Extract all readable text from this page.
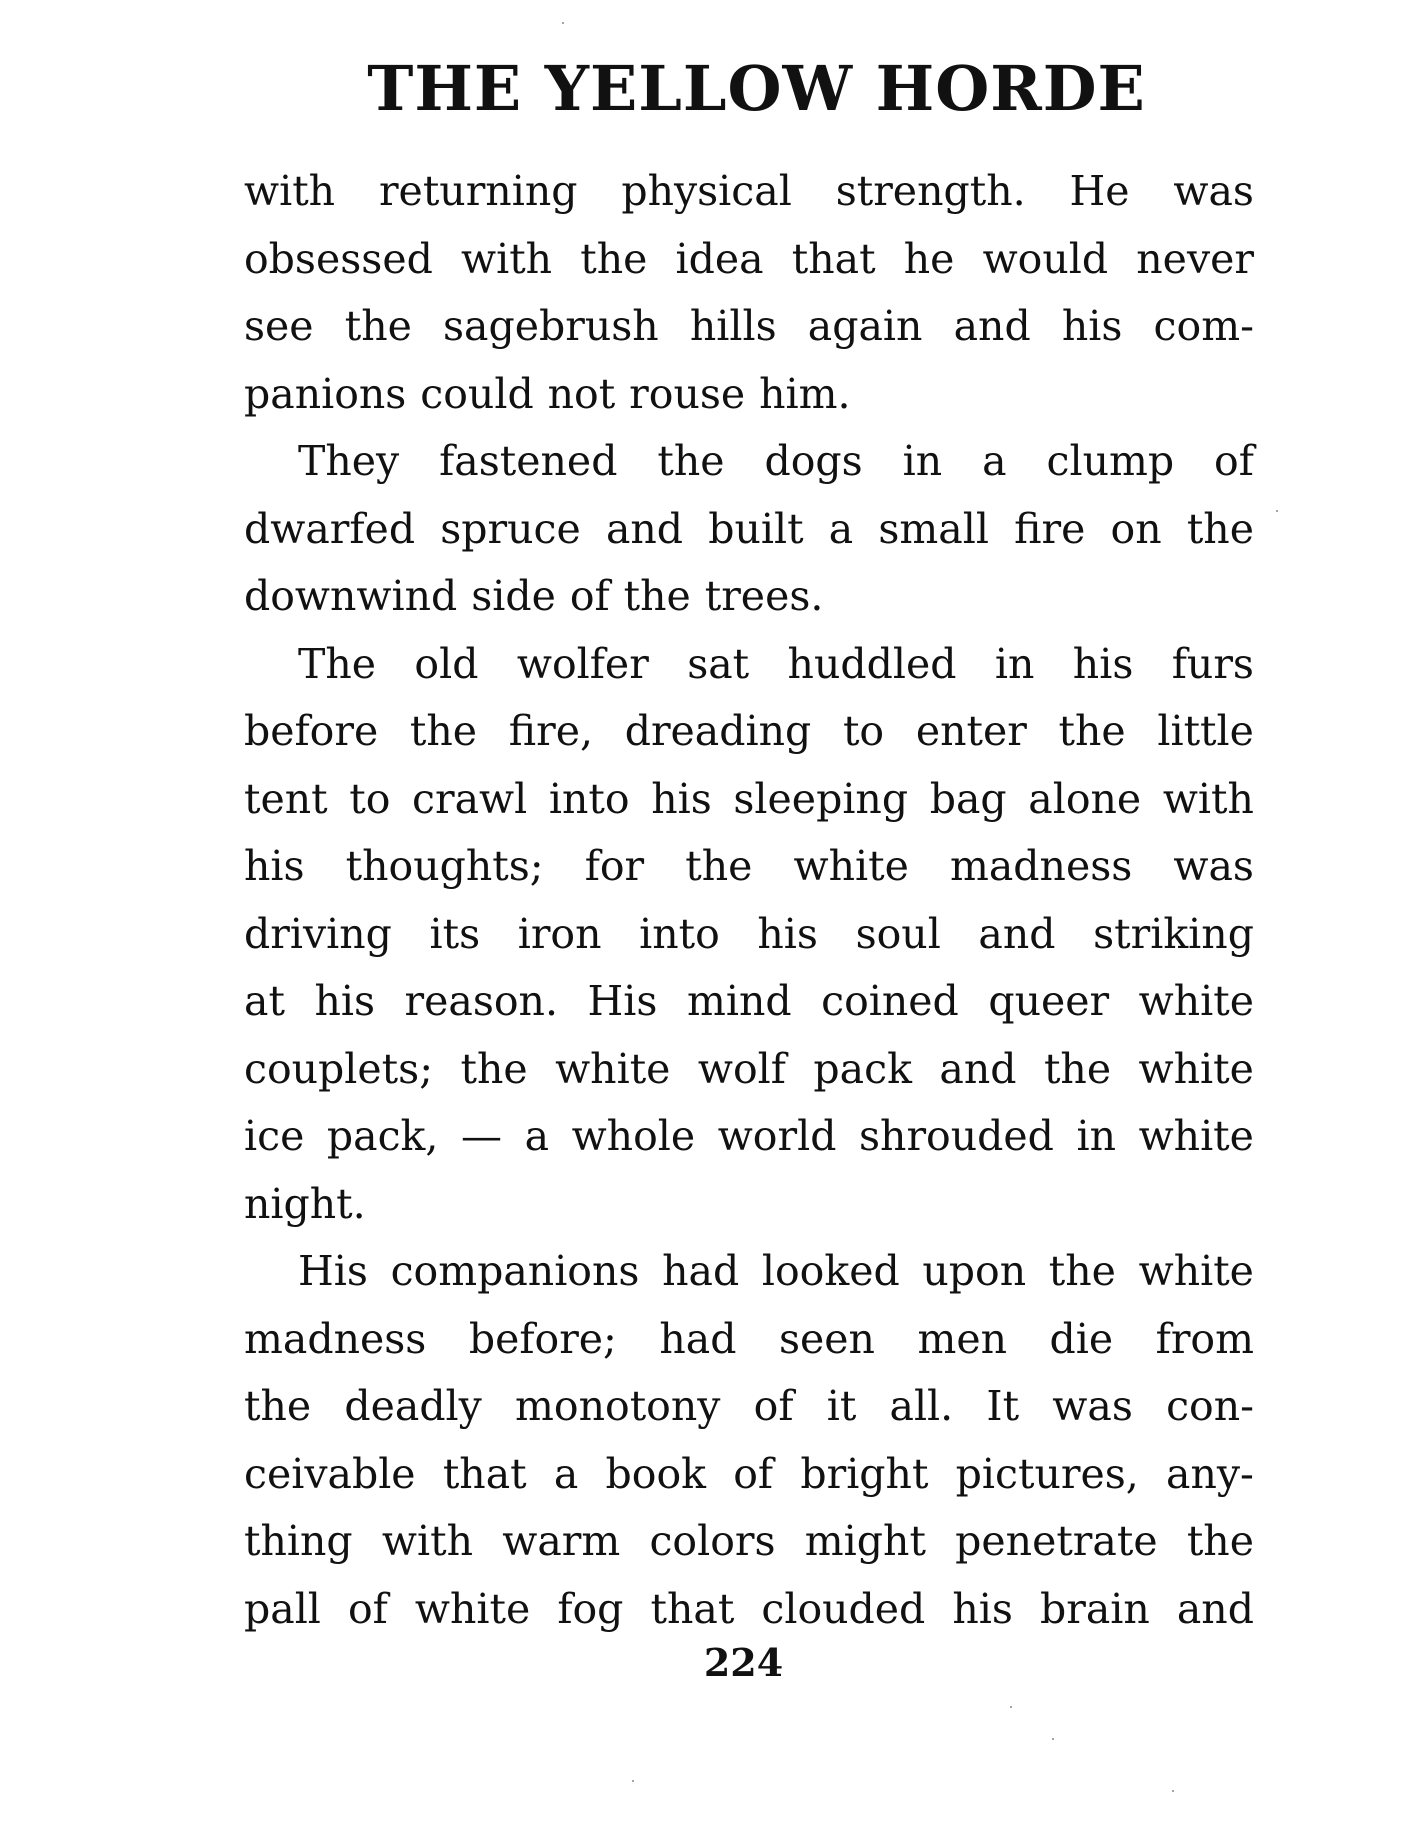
THE YELLOW HORDE
with returning physical strength. He was
obsessed with the idea that he would never
see the sagebrush hills again and his com-
panions could not rouse him.
They fastened the dogs in a clump of
dwarfed spruce and built a small fire on the
downwind side of the trees.
The old wolfer sat huddled in his furs
before the fire, dreading to enter the little
tent to crawl into his sleeping bag alone with
his thoughts; for the white madness was
driving its iron into his soul and striking
at his reason. His mind coined queer white
couplets; the white wolf pack and the white
ice pack, — a whole world shrouded in white
night.
His companions had looked upon the white
madness before; had seen men die from
the deadly monotony of it all. It was con-
ceivable that a book of bright pictures, any-
thing with warm colors might penetrate the
pall of white fog that clouded his brain and
224
